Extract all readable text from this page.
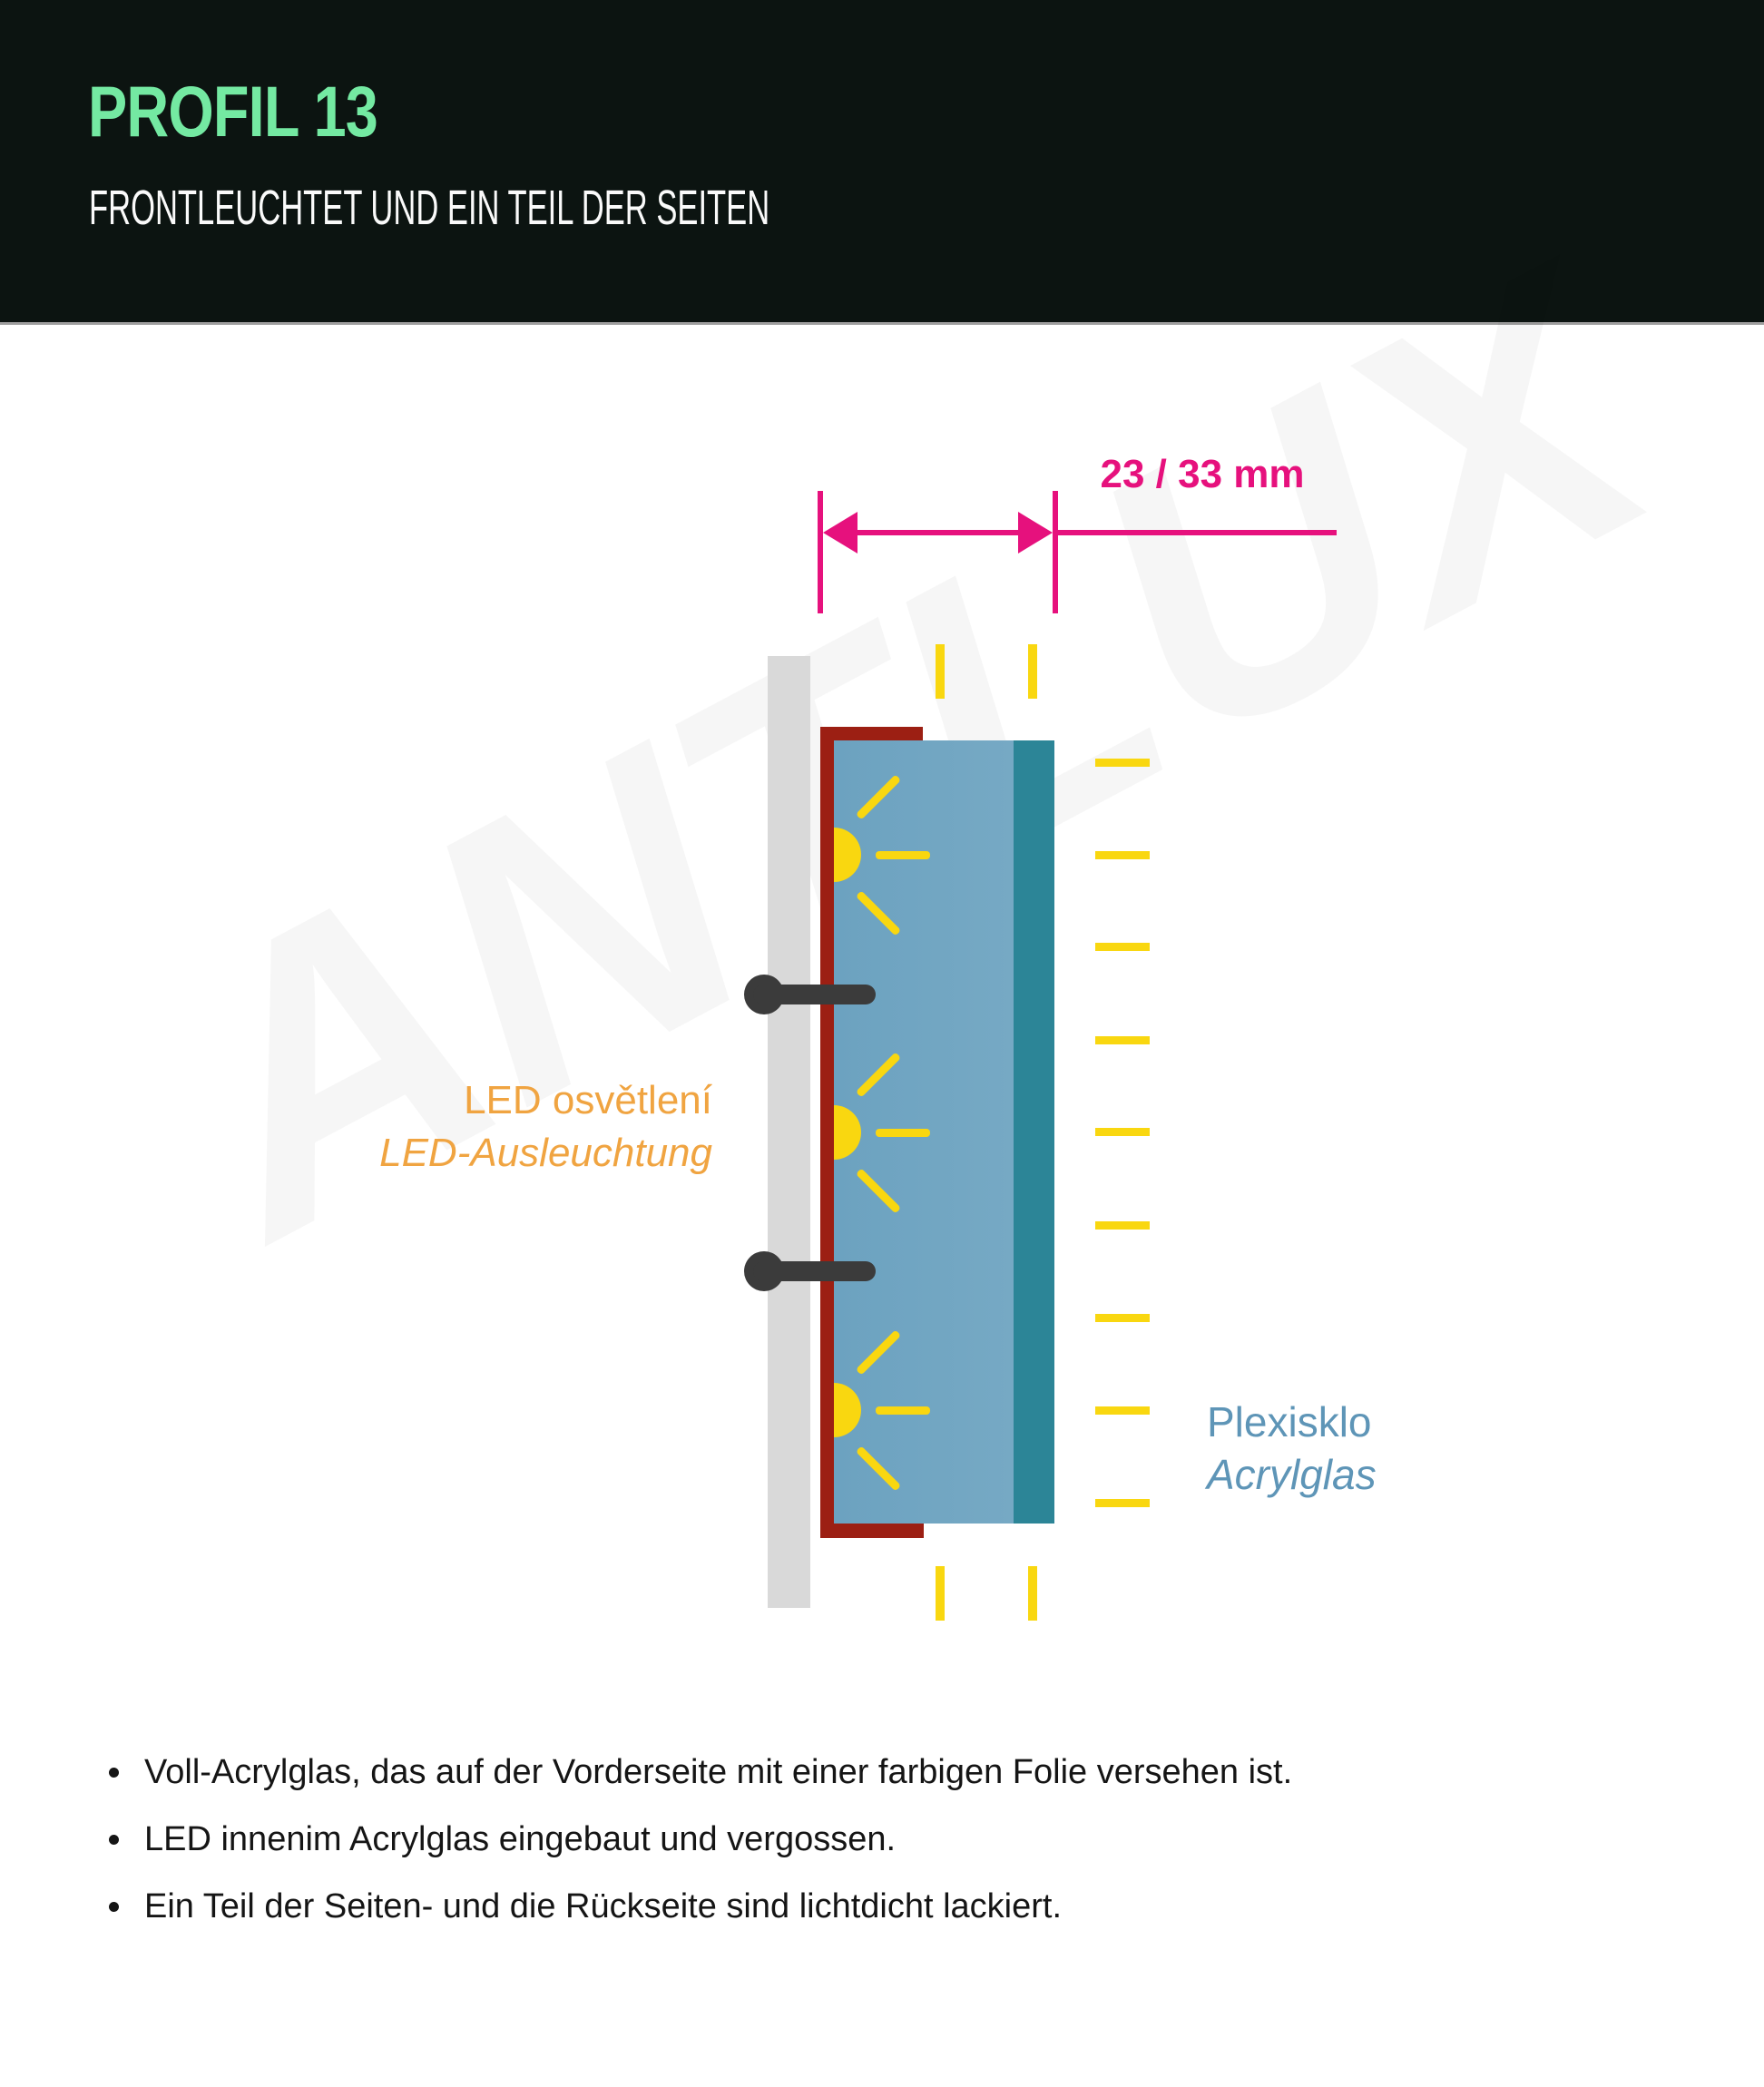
PROFIL 13
FRONTLEUCHTET UND EIN TEIL DER SEITEN
23 / 33 mm
LED osvětlení
LED-Ausleuchtung
Plexisklo
Acrylglas
Voll-Acrylglas, das auf der Vorderseite mit einer farbigen Folie versehen ist.
LED innenim Acrylglas eingebaut und vergossen.
Ein Teil der Seiten- und die Rückseite sind lichtdicht lackiert.
